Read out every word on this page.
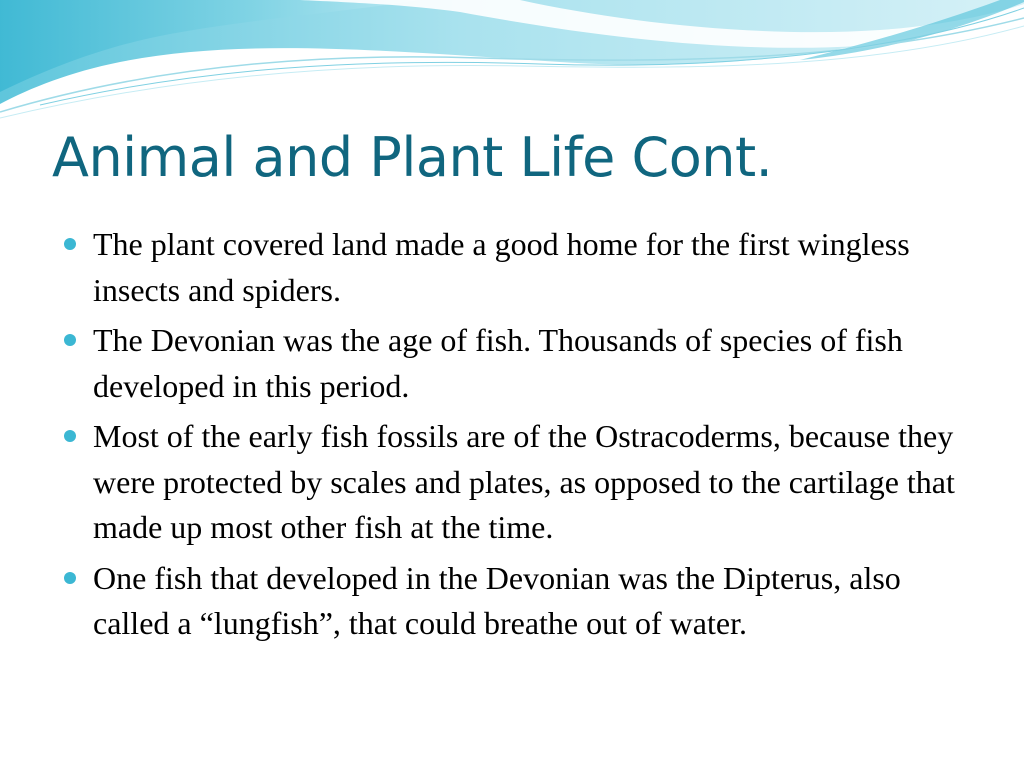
Animal and Plant Life Cont.
The plant covered land made a good home for the first wingless insects and spiders.
The Devonian was the age of fish. Thousands of species of fish developed in this period.
Most of the early fish fossils are of the Ostracoderms, because they were protected by scales and plates, as opposed to the cartilage that made up most other fish at the time.
One fish that developed in the Devonian was the Dipterus, also called a “lungfish”, that could breathe out of water.
